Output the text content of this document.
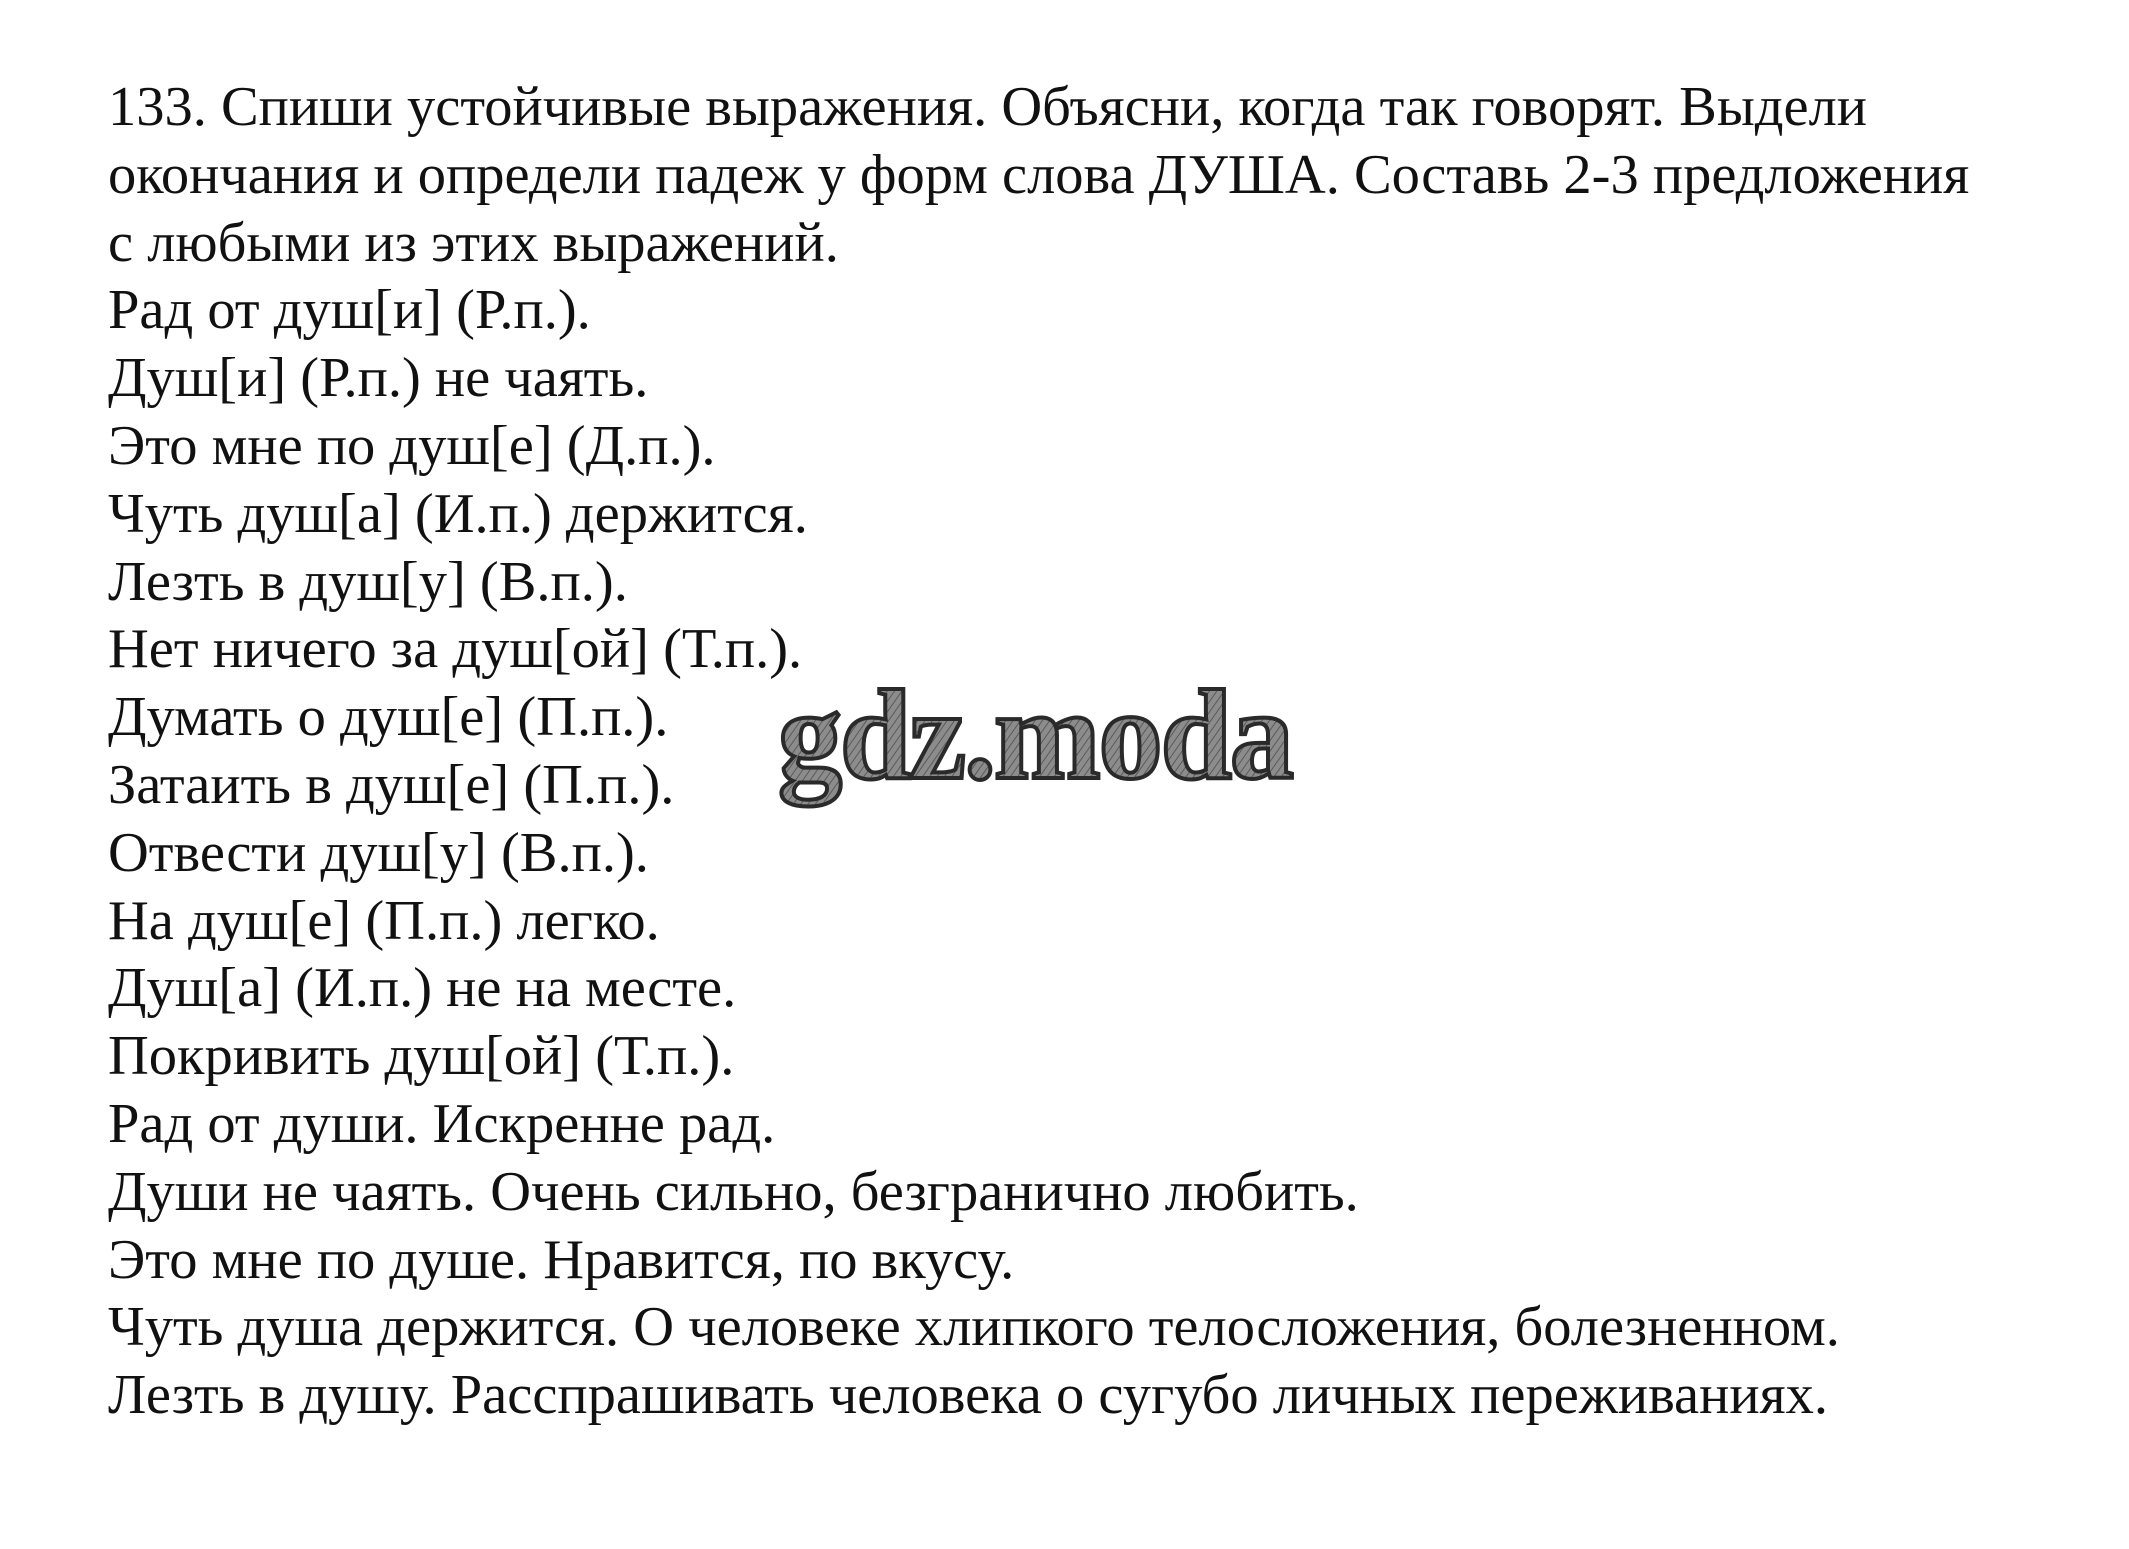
133. Спиши устойчивые выражения. Объясни, когда так говорят. Выдели
окончания и определи падеж у форм слова ДУША. Составь 2-3 предложения
с любыми из этих выражений.
Рад от душ[и] (Р.п.).
Душ[и] (Р.п.) не чаять.
Это мне по душ[е] (Д.п.).
Чуть душ[а] (И.п.) держится.
Лезть в душ[у] (В.п.).
Нет ничего за душ[ой] (Т.п.).
Думать о душ[е] (П.п.).
Затаить в душ[е] (П.п.).
Отвести душ[у] (В.п.).
На душ[е] (П.п.) легко.
Душ[а] (И.п.) не на месте.
Покривить душ[ой] (Т.п.).
Рад от души. Искренне рад.
Души не чаять. Очень сильно, безгранично любить.
Это мне по душе. Нравится, по вкусу.
Чуть душа держится. О человеке хлипкого телосложения, болезненном.
Лезть в душу. Расспрашивать человека о сугубо личных переживаниях.
gdz.moda
